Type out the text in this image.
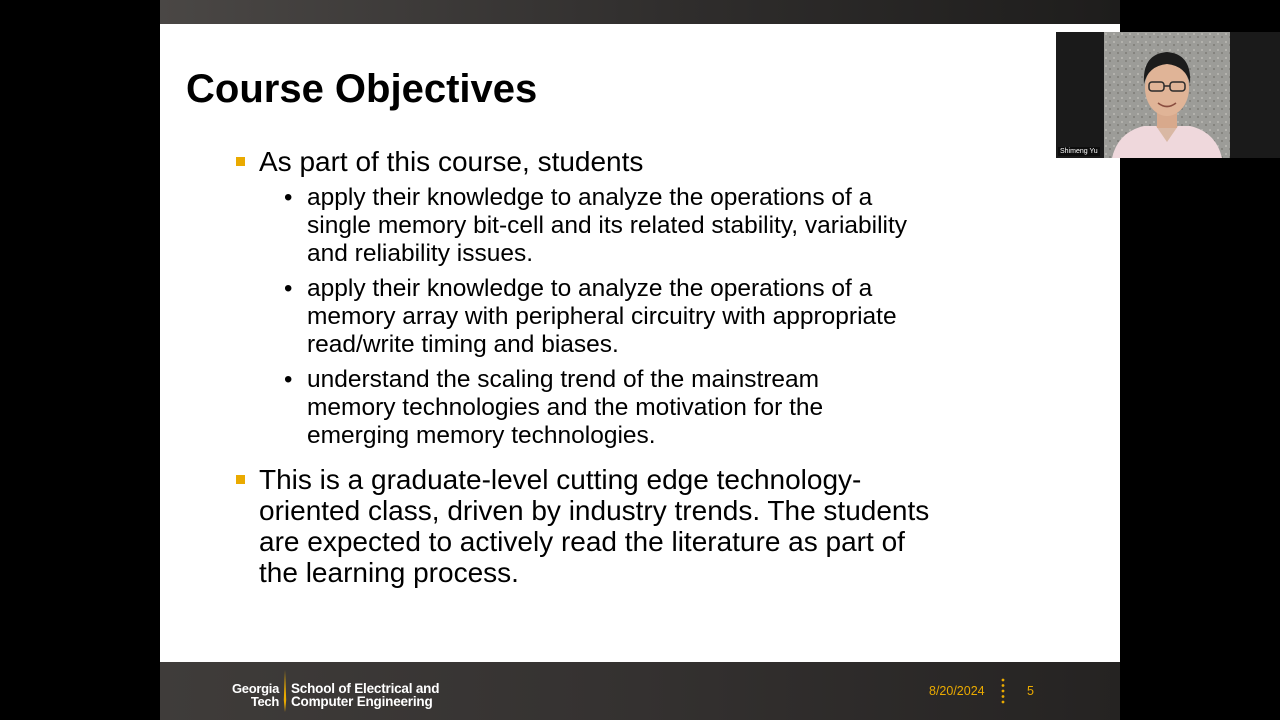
Course Objectives
As part of this course, students
• apply their knowledge to analyze the operations of a
single memory bit-cell and its related stability, variability
and reliability issues.
• apply their knowledge to analyze the operations of a
memory array with peripheral circuitry with appropriate
read/write timing and biases.
• understand the scaling trend of the mainstream
memory technologies and the motivation for the
emerging memory technologies.
This is a graduate-level cutting edge technology-
oriented class, driven by industry trends. The students
are expected to actively read the literature as part of
the learning process.
Georgia
Tech
School of Electrical and
Computer Engineering
8/20/2024	5
Shimeng Yu
